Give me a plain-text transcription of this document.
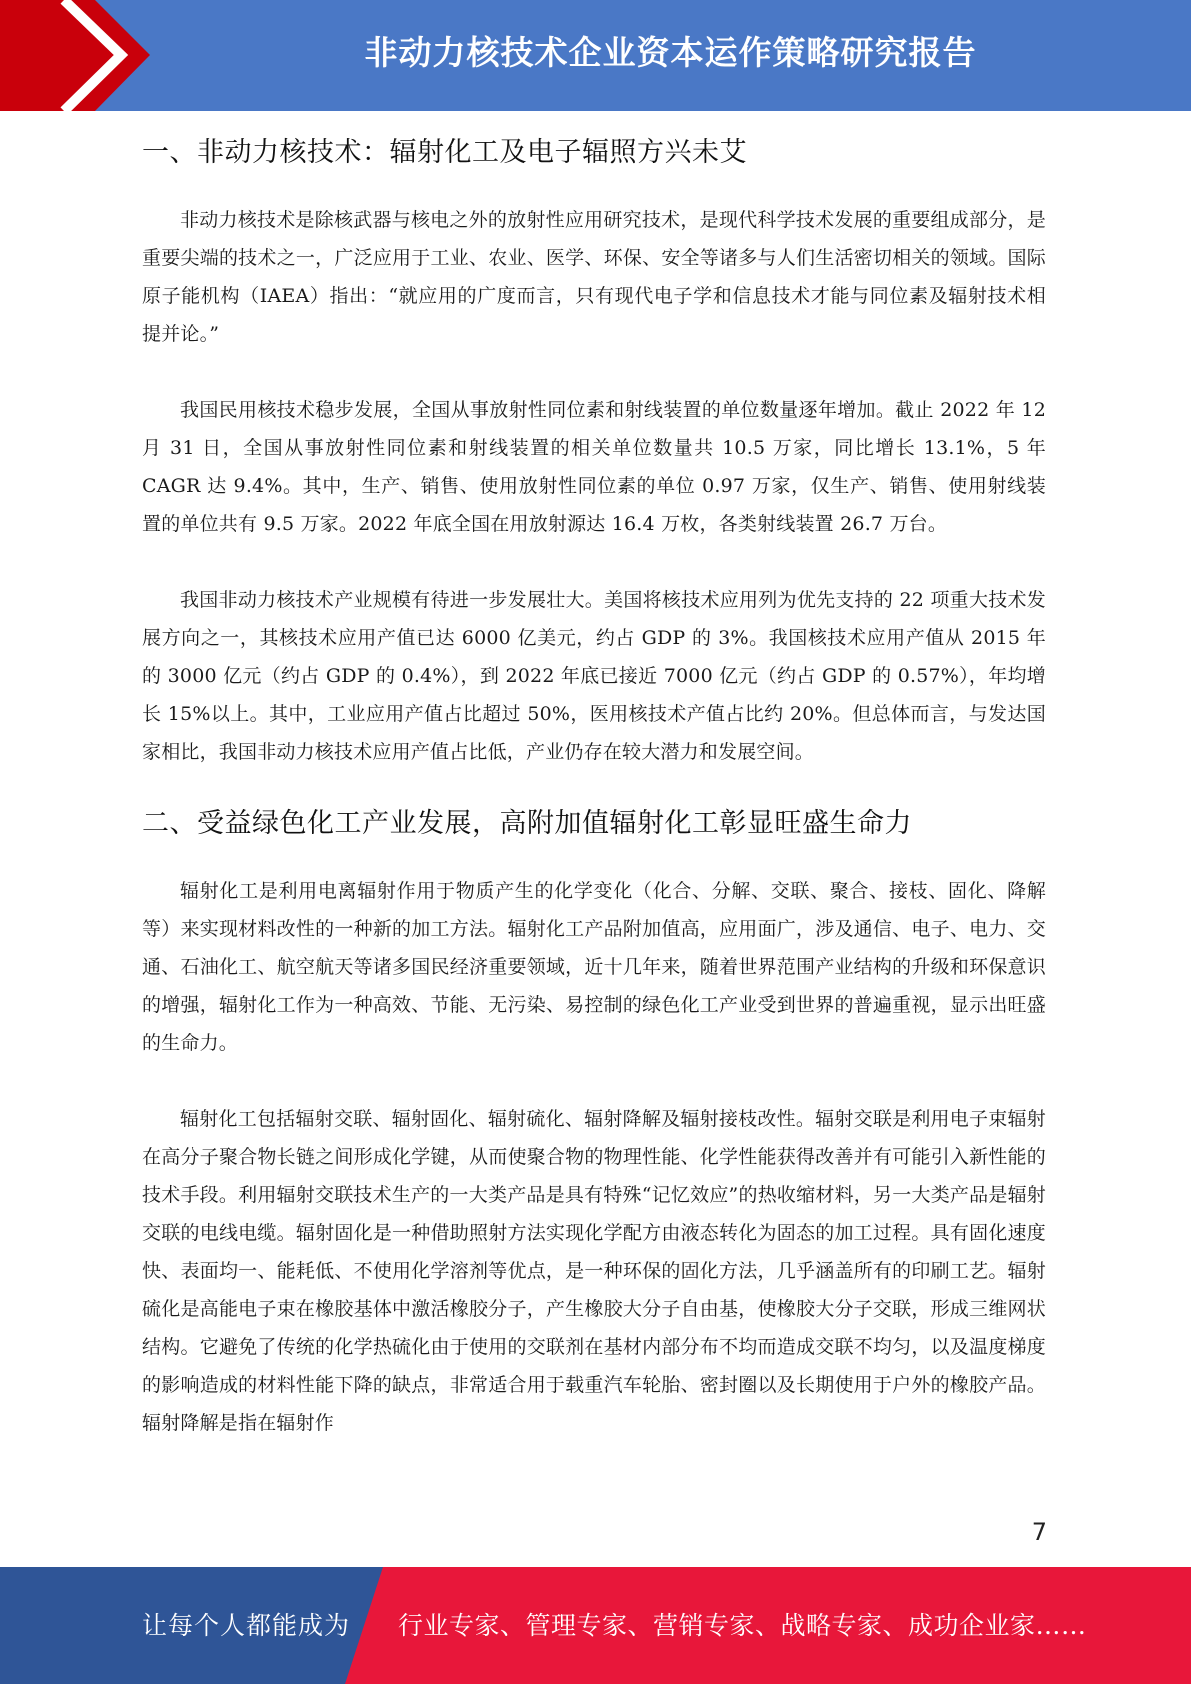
非动力核技术企业资本运作策略研究报告
一、非动力核技术：辐射化工及电子辐照方兴未艾

非动力核技术是除核武器与核电之外的放射性应用研究技术，是现代科学技术发展的重要组成部分，是重要尖端的技术之一，广泛应用于工业、农业、医学、环保、安全等诸多与人们生活密切相关的领域。国际原子能机构（IAEA）指出：“就应用的广度而言，只有现代电子学和信息技术才能与同位素及辐射技术相提并论。”

我国民用核技术稳步发展，全国从事放射性同位素和射线装置的单位数量逐年增加。截止 2022 年 12 月 31 日，全国从事放射性同位素和射线装置的相关单位数量共 10.5 万家，同比增长 13.1%，5 年 CAGR 达 9.4%。其中，生产、销售、使用放射性同位素的单位 0.97 万家，仅生产、销售、使用射线装置的单位共有 9.5 万家。2022 年底全国在用放射源达 16.4 万枚，各类射线装置 26.7 万台。

我国非动力核技术产业规模有待进一步发展壮大。美国将核技术应用列为优先支持的 22 项重大技术发展方向之一，其核技术应用产值已达 6000 亿美元，约占 GDP 的 3%。我国核技术应用产值从 2015 年的 3000 亿元（约占 GDP 的 0.4%），到 2022 年底已接近 7000 亿元（约占 GDP 的 0.57%），年均增长 15%以上。其中，工业应用产值占比超过 50%，医用核技术产值占比约 20%。但总体而言，与发达国家相比，我国非动力核技术应用产值占比低，产业仍存在较大潜力和发展空间。

二、受益绿色化工产业发展，高附加值辐射化工彰显旺盛生命力

辐射化工是利用电离辐射作用于物质产生的化学变化（化合、分解、交联、聚合、接枝、固化、降解等）来实现材料改性的一种新的加工方法。辐射化工产品附加值高，应用面广，涉及通信、电子、电力、交通、石油化工、航空航天等诸多国民经济重要领域，近十几年来，随着世界范围产业结构的升级和环保意识的增强，辐射化工作为一种高效、节能、无污染、易控制的绿色化工产业受到世界的普遍重视，显示出旺盛的生命力。

辐射化工包括辐射交联、辐射固化、辐射硫化、辐射降解及辐射接枝改性。辐射交联是利用电子束辐射在高分子聚合物长链之间形成化学键，从而使聚合物的物理性能、化学性能获得改善并有可能引入新性能的技术手段。利用辐射交联技术生产的一大类产品是具有特殊“记忆效应”的热收缩材料，另一大类产品是辐射交联的电线电缆。辐射固化是一种借助照射方法实现化学配方由液态转化为固态的加工过程。具有固化速度快、表面均一、能耗低、不使用化学溶剂等优点，是一种环保的固化方法，几乎涵盖所有的印刷工艺。辐射硫化是高能电子束在橡胶基体中激活橡胶分子，产生橡胶大分子自由基，使橡胶大分子交联，形成三维网状结构。它避免了传统的化学热硫化由于使用的交联剂在基材内部分布不均而造成交联不均匀，以及温度梯度的影响造成的材料性能下降的缺点，非常适合用于载重汽车轮胎、密封圈以及长期使用于户外的橡胶产品。辐射降解是指在辐射作

7
让每个人都能成为 行业专家、管理专家、营销专家、战略专家、成功企业家……
